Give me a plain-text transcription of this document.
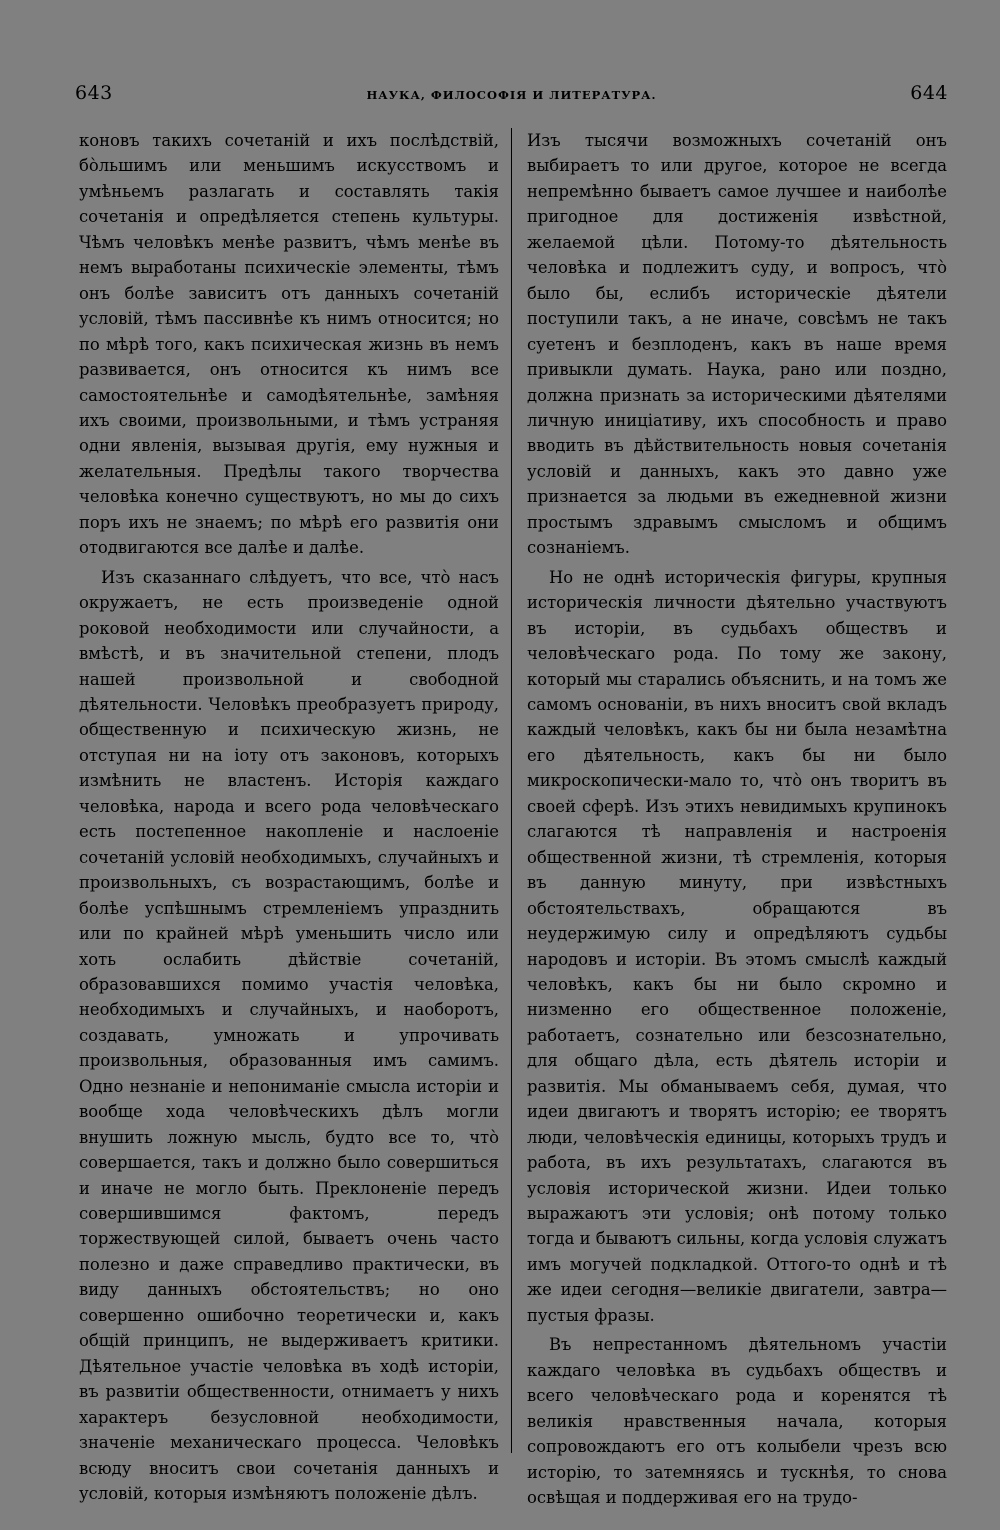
643	НАУКА, ФИЛОСОФІЯ И ЛИТЕРАТУРА.	644

коновъ такихъ сочетаній и ихъ послѣдствій, бо̀льшимъ или меньшимъ искусствомъ и умѣньемъ разлагать и составлять такія сочетанія и опредѣляется степень культуры. Чѣмъ человѣкъ менѣе развитъ, чѣмъ менѣе въ немъ выработаны психическіе элементы, тѣмъ онъ болѣе зависитъ отъ данныхъ сочетаній условій, тѣмъ пассивнѣе къ нимъ относится; но по мѣрѣ того, какъ психическая жизнь въ немъ развивается, онъ относится къ нимъ все самостоятельнѣе и самодѣятельнѣе, замѣняя ихъ своими, произвольными, и тѣмъ устраняя одни явленія, вызывая другія, ему нужныя и желательныя. Предѣлы такого творчества человѣка конечно существуютъ, но мы до сихъ поръ ихъ не знаемъ; по мѣрѣ его развитія они отодвигаются все далѣе и далѣе.

Изъ сказаннаго слѣдуетъ, что все, что̀ насъ окружаетъ, не есть произведеніе одной роковой необходимости или случайности, а вмѣстѣ, и въ значительной степени, плодъ нашей произвольной и свободной дѣятельности. Человѣкъ преобразуетъ природу, общественную и психическую жизнь, не отступая ни на іоту отъ законовъ, которыхъ измѣнить не властенъ. Исторія каждаго человѣка, народа и всего рода человѣческаго есть постепенное накопленіе и наслоеніе сочетаній условій необходимыхъ, случайныхъ и произвольныхъ, съ возрастающимъ, болѣе и болѣе успѣшнымъ стремленіемъ упразднить или по крайней мѣрѣ уменьшить число или хоть ослабить дѣйствіе сочетаній, образовавшихся помимо участія человѣка, необходимыхъ и случайныхъ, и наоборотъ, создавать, умножать и упрочивать произвольныя, образованныя имъ самимъ. Одно незнаніе и непониманіе смысла исторіи и вообще хода человѣческихъ дѣлъ могли внушить ложную мысль, будто все то, что̀ совершается, такъ и должно было совершиться и иначе не могло быть. Преклоненіе передъ совершившимся фактомъ, передъ торжествующей силой, бываетъ очень часто полезно и даже справедливо практически, въ виду данныхъ обстоятельствъ; но оно совершенно ошибочно теоретически и, какъ общій принципъ, не выдерживаетъ критики. Дѣятельное участіе человѣка въ ходѣ исторіи, въ развитіи общественности, отнимаетъ у нихъ характеръ безусловной необходимости, значеніе механическаго процесса. Человѣкъ всюду вноситъ свои сочетанія данныхъ и условій, которыя измѣняютъ положеніе дѣлъ.

Изъ тысячи возможныхъ сочетаній онъ выбираетъ то или другое, которое не всегда непремѣнно бываетъ самое лучшее и наиболѣе пригодное для достиженія извѣстной, желаемой цѣли. Потому-то дѣятельность человѣка и подлежитъ суду, и вопросъ, что̀ было бы, еслибъ историческіе дѣятели поступили такъ, а не иначе, совсѣмъ не такъ суетенъ и безплоденъ, какъ въ наше время привыкли думать. Наука, рано или поздно, должна признать за историческими дѣятелями личную иниціативу, ихъ способность и право вводить въ дѣйствительность новыя сочетанія условій и данныхъ, какъ это давно уже признается за людьми въ ежедневной жизни простымъ здравымъ смысломъ и общимъ сознаніемъ.

Но не однѣ историческія фигуры, крупныя историческія личности дѣятельно участвуютъ въ исторіи, въ судьбахъ обществъ и человѣческаго рода. По тому же закону, который мы старались объяснить, и на томъ же самомъ основаніи, въ нихъ вноситъ свой вкладъ каждый человѣкъ, какъ бы ни была незамѣтна его дѣятельность, какъ бы ни было микроскопически-мало то, что̀ онъ творитъ въ своей сферѣ. Изъ этихъ невидимыхъ крупинокъ слагаются тѣ направленія и настроенія общественной жизни, тѣ стремленія, которыя въ данную минуту, при извѣстныхъ обстоятельствахъ, обращаются въ неудержимую силу и опредѣляютъ судьбы народовъ и исторіи. Въ этомъ смыслѣ каждый человѣкъ, какъ бы ни было скромно и низменно его общественное положеніе, работаетъ, сознательно или безсознательно, для общаго дѣла, есть дѣятель исторіи и развитія. Мы обманываемъ себя, думая, что идеи двигаютъ и творятъ исторію; ее творятъ люди, человѣческія единицы, которыхъ трудъ и работа, въ ихъ результатахъ, слагаются въ условія исторической жизни. Идеи только выражаютъ эти условія; онѣ потому только тогда и бываютъ сильны, когда условія служатъ имъ могучей подкладкой. Оттого-то однѣ и тѣ же идеи сегодня—великіе двигатели, завтра—пустыя фразы.

Въ непрестанномъ дѣятельномъ участіи каждаго человѣка въ судьбахъ обществъ и всего человѣческаго рода и коренятся тѣ великія нравственныя начала, которыя сопровождаютъ его отъ колыбели чрезъ всю исторію, то затемняясь и тускнѣя, то снова освѣщая и поддерживая его на трудо-
